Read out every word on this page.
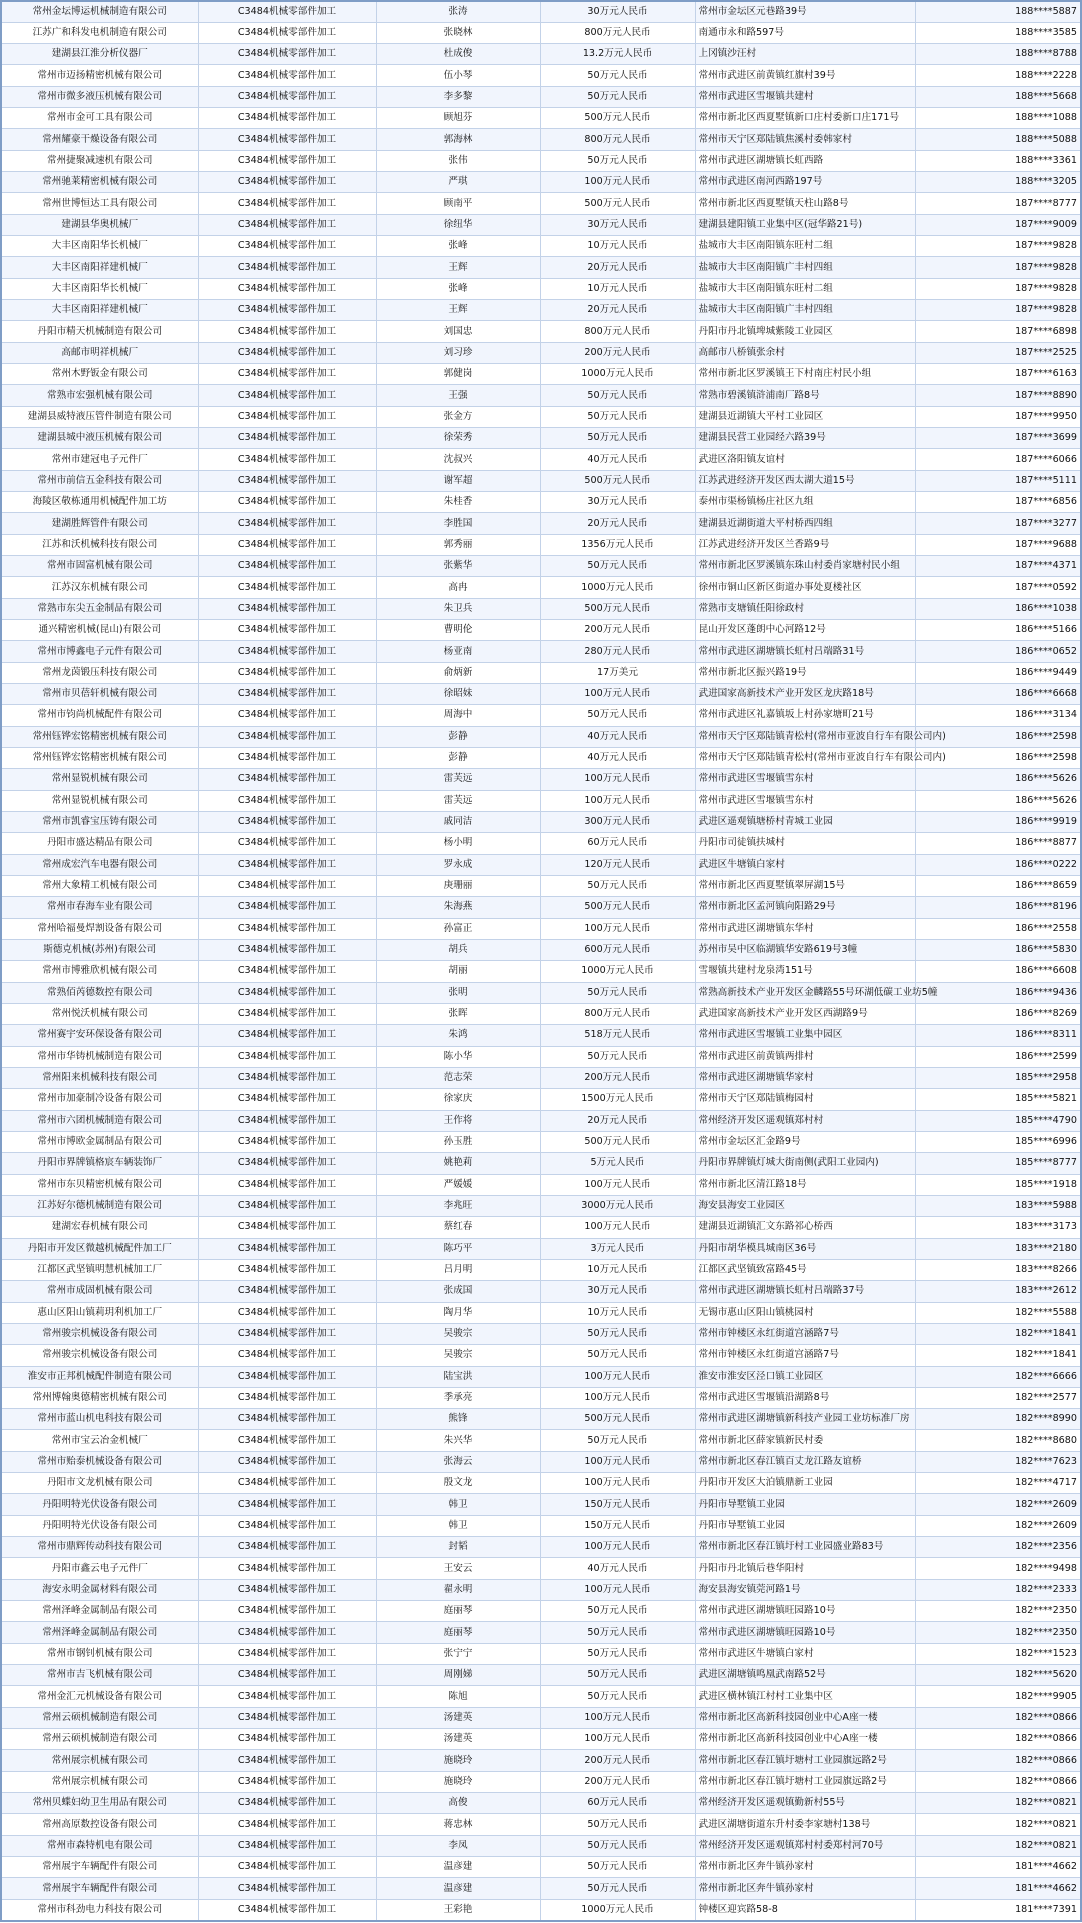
常州金坛博运机械制造有限公司	C3484机械零部件加工	张涛	30万元人民币	常州市金坛区元巷路39号	188****5887
江苏广和科发电机制造有限公司	C3484机械零部件加工	张晓林	800万元人民币	南通市永和路597号	188****3585
建湖县江淮分析仪器厂	C3484机械零部件加工	杜成俊	13.2万元人民币	上冈镇沙汪村	188****8788
常州市迈扬精密机械有限公司	C3484机械零部件加工	伍小琴	50万元人民币	常州市武进区前黄镇红旗村39号	188****2228
常州市微多液压机械有限公司	C3484机械零部件加工	李多黎	50万元人民币	常州市武进区雪堰镇共建村	188****5668
常州市金可工具有限公司	C3484机械零部件加工	顾旭芬	500万元人民币	常州市新北区西夏墅镇新口庄村委新口庄171号	188****1088
常州耀豪干燥设备有限公司	C3484机械零部件加工	郭海林	800万元人民币	常州市天宁区郑陆镇焦溪村委韩家村	188****5088
常州捷聚减速机有限公司	C3484机械零部件加工	张伟	50万元人民币	常州市武进区湖塘镇长虹西路	188****3361
常州驰莱精密机械有限公司	C3484机械零部件加工	严琪	100万元人民币	常州市武进区南河西路197号	188****3205
常州世博恒达工具有限公司	C3484机械零部件加工	顾南平	500万元人民币	常州市新北区西夏墅镇天柱山路8号	187****8777
建湖县华奥机械厂	C3484机械零部件加工	徐纽华	30万元人民币	建湖县建阳镇工业集中区(冠华路21号)	187****9009
大丰区南阳华长机械厂	C3484机械零部件加工	张峰	10万元人民币	盐城市大丰区南阳镇东旺村二组	187****9828
大丰区南阳祥建机械厂	C3484机械零部件加工	王辉	20万元人民币	盐城市大丰区南阳镇广丰村四组	187****9828
大丰区南阳华长机械厂	C3484机械零部件加工	张峰	10万元人民币	盐城市大丰区南阳镇东旺村二组	187****9828
大丰区南阳祥建机械厂	C3484机械零部件加工	王辉	20万元人民币	盐城市大丰区南阳镇广丰村四组	187****9828
丹阳市精天机械制造有限公司	C3484机械零部件加工	刘国忠	800万元人民币	丹阳市丹北镇埤城紫陵工业园区	187****6898
高邮市明祥机械厂	C3484机械零部件加工	刘习珍	200万元人民币	高邮市八桥镇张余村	187****2525
常州木野钣金有限公司	C3484机械零部件加工	郭健岗	1000万元人民币	常州市新北区罗溪镇王下村南庄村民小组	187****6163
常熟市宏强机械有限公司	C3484机械零部件加工	王强	50万元人民币	常熟市碧溪镇浒浦南厂路8号	187****8890
建湖县威特液压管件制造有限公司	C3484机械零部件加工	张金方	50万元人民币	建湖县近湖镇大平村工业园区	187****9950
建湖县城中液压机械有限公司	C3484机械零部件加工	徐荣秀	50万元人民币	建湖县民营工业园经六路39号	187****3699
常州市建冠电子元件厂	C3484机械零部件加工	沈叔兴	40万元人民币	武进区洛阳镇友谊村	187****6066
常州市前信五金科技有限公司	C3484机械零部件加工	谢军超	500万元人民币	江苏武进经济开发区西太湖大道15号	187****5111
海陵区敬栋通用机械配件加工坊	C3484机械零部件加工	朱桂香	30万元人民币	泰州市渠杨镇杨庄社区九组	187****6856
建湖胜辉管件有限公司	C3484机械零部件加工	李胜国	20万元人民币	建湖县近湖街道大平村桥西四组	187****3277
江苏和沃机械科技有限公司	C3484机械零部件加工	郭秀丽	1356万元人民币	江苏武进经济开发区兰香路9号	187****9688
常州市固富机械有限公司	C3484机械零部件加工	张紫华	50万元人民币	常州市新北区罗溪镇东珠山村委肖家塘村民小组	187****4371
江苏汉东机械有限公司	C3484机械零部件加工	高冉	1000万元人民币	徐州市铜山区新区街道办事处夏楼社区	187****0592
常熟市东尖五金制品有限公司	C3484机械零部件加工	朱卫兵	500万元人民币	常熟市支塘镇任阳徐政村	186****1038
通兴精密机械(昆山)有限公司	C3484机械零部件加工	曹明伦	200万元人民币	昆山开发区蓬朗中心河路12号	186****5166
常州市博鑫电子元件有限公司	C3484机械零部件加工	杨亚南	280万元人民币	常州市武进区湖塘镇长虹村吕端路31号	186****0652
常州龙茵锻压科技有限公司	C3484机械零部件加工	俞炳新	17万美元	常州市新北区振兴路19号	186****9449
常州市贝蓓轩机械有限公司	C3484机械零部件加工	徐昭妹	100万元人民币	武进国家高新技术产业开发区龙庆路18号	186****6668
常州市钧尚机械配件有限公司	C3484机械零部件加工	周海中	50万元人民币	常州市武进区礼嘉镇坂上村孙家塘町21号	186****3134
常州钰铧宏铭精密机械有限公司	C3484机械零部件加工	彭静	40万元人民币	常州市天宁区郑陆镇青松村(常州市亚波自行车有限公司内)	186****2598
常州钰铧宏铭精密机械有限公司	C3484机械零部件加工	彭静	40万元人民币	常州市天宁区郑陆镇青松村(常州市亚波自行车有限公司内)	186****2598
常州显锐机械有限公司	C3484机械零部件加工	雷芙远	100万元人民币	常州市武进区雪堰镇雪东村	186****5626
常州显锐机械有限公司	C3484机械零部件加工	雷芙远	100万元人民币	常州市武进区雪堰镇雪东村	186****5626
常州市凯睿宝压铸有限公司	C3484机械零部件加工	戚同洁	300万元人民币	武进区遥观镇塘桥村青城工业园	186****9919
丹阳市盛达精品有限公司	C3484机械零部件加工	杨小明	60万元人民币	丹阳市司徒镇扶城村	186****8877
常州成宏汽车电器有限公司	C3484机械零部件加工	罗永成	120万元人民币	武进区牛塘镇白家村	186****0222
常州大象精工机械有限公司	C3484机械零部件加工	庚珊丽	50万元人民币	常州市新北区西夏墅镇翠屏湖15号	186****8659
常州市春海车业有限公司	C3484机械零部件加工	朱海燕	500万元人民币	常州市新北区孟河镇向阳路29号	186****8196
常州哈福曼焊割设备有限公司	C3484机械零部件加工	孙富正	100万元人民币	常州市武进区湖塘镇东华村	186****2558
斯德克机械(苏州)有限公司	C3484机械零部件加工	胡兵	600万元人民币	苏州市吴中区临湖镇华安路619号3幢	186****5830
常州市博雅欣机械有限公司	C3484机械零部件加工	胡丽	1000万元人民币	雪堰镇共建村龙泉湾151号	186****6608
常熟佰芮德数控有限公司	C3484机械零部件加工	张明	50万元人民币	常熟高新技术产业开发区金麟路55号环湖低碳工业坊5幢	186****9436
常州悦沃机械有限公司	C3484机械零部件加工	张晖	800万元人民币	武进国家高新技术产业开发区西湖路9号	186****8269
常州赛宇安环保设备有限公司	C3484机械零部件加工	朱鸿	518万元人民币	常州市武进区雪堰镇工业集中园区	186****8311
常州市华铸机械制造有限公司	C3484机械零部件加工	陈小华	50万元人民币	常州市武进区前黄镇两排村	186****2599
常州阳来机械科技有限公司	C3484机械零部件加工	范志荣	200万元人民币	常州市武进区湖塘镇华家村	185****2958
常州市加豪制冷设备有限公司	C3484机械零部件加工	徐家庆	1500万元人民币	常州市天宁区郑陆镇梅园村	185****5821
常州市六团机械制造有限公司	C3484机械零部件加工	王作将	20万元人民币	常州经济开发区遥观镇郑村村	185****4790
常州市博欧金属制品有限公司	C3484机械零部件加工	孙玉胜	500万元人民币	常州市金坛区汇金路9号	185****6996
丹阳市界牌镇格宸车辆装饰厂	C3484机械零部件加工	姚艳莉	5万元人民币	丹阳市界牌镇灯城大街南侧(武阳工业园内)	185****8777
常州市东贝精密机械有限公司	C3484机械零部件加工	严媛媛	100万元人民币	常州市新北区清江路18号	185****1918
江苏好尔德机械制造有限公司	C3484机械零部件加工	李兆旺	3000万元人民币	海安县海安工业园区	183****5988
建湖宏春机械有限公司	C3484机械零部件加工	蔡红春	100万元人民币	建湖县近湖镇汇文东路祁心桥西	183****3173
丹阳市开发区微越机械配件加工厂	C3484机械零部件加工	陈巧平	3万元人民币	丹阳市胡华模具城南区36号	183****2180
江都区武坚镇明慧机械加工厂	C3484机械零部件加工	吕月明	10万元人民币	江都区武坚镇致富路45号	183****8266
常州市成固机械有限公司	C3484机械零部件加工	张成国	30万元人民币	常州市武进区湖塘镇长虹村吕端路37号	183****2612
惠山区阳山镇莉玥利机加工厂	C3484机械零部件加工	陶月华	10万元人民币	无锡市惠山区阳山镇桃园村	182****5588
常州骏宗机械设备有限公司	C3484机械零部件加工	吴骏宗	50万元人民币	常州市钟楼区永红街道宫涵路7号	182****1841
常州骏宗机械设备有限公司	C3484机械零部件加工	吴骏宗	50万元人民币	常州市钟楼区永红街道宫涵路7号	182****1841
淮安市正邦机械配件制造有限公司	C3484机械零部件加工	陆宝洪	100万元人民币	淮安市淮安区泾口镇工业园区	182****6666
常州博翰奥德精密机械有限公司	C3484机械零部件加工	季承亮	100万元人民币	常州市武进区雪堰镇沿湖路8号	182****2577
常州市蓝山机电科技有限公司	C3484机械零部件加工	熊锋	500万元人民币	常州市武进区湖塘镇新科技产业园工业坊标准厂房	182****8990
常州市宝云冶金机械厂	C3484机械零部件加工	朱兴华	50万元人民币	常州市新北区薛家镇新民村委	182****8680
常州市贻泰机械设备有限公司	C3484机械零部件加工	张海云	100万元人民币	常州市新北区春江镇百丈龙江路友谊桥	182****7623
丹阳市文龙机械有限公司	C3484机械零部件加工	殷文龙	100万元人民币	丹阳市开发区大泊镇鼎新工业园	182****4717
丹阳明特光伏设备有限公司	C3484机械零部件加工	韩卫	150万元人民币	丹阳市导墅镇工业园	182****2609
丹阳明特光伏设备有限公司	C3484机械零部件加工	韩卫	150万元人民币	丹阳市导墅镇工业园	182****2609
常州市鼎辉传动科技有限公司	C3484机械零部件加工	封韬	100万元人民币	常州市新北区春江镇圩村工业园盛业路83号	182****2356
丹阳市鑫云电子元件厂	C3484机械零部件加工	王安云	40万元人民币	丹阳市丹北镇后巷华阳村	182****9498
海安永明金属材料有限公司	C3484机械零部件加工	翟永明	100万元人民币	海安县海安镇莞河路1号	182****2333
常州泽峰金属制品有限公司	C3484机械零部件加工	庭丽琴	50万元人民币	常州市武进区湖塘镇旺园路10号	182****2350
常州泽峰金属制品有限公司	C3484机械零部件加工	庭丽琴	50万元人民币	常州市武进区湖塘镇旺园路10号	182****2350
常州市钢钊机械有限公司	C3484机械零部件加工	张宁宁	50万元人民币	常州市武进区牛塘镇白家村	182****1523
常州市吉飞机械有限公司	C3484机械零部件加工	周刚娣	50万元人民币	武进区湖塘镇鸣凰武南路52号	182****5620
常州金汇元机械设备有限公司	C3484机械零部件加工	陈旭	50万元人民币	武进区横林镇江村村工业集中区	182****9905
常州云硕机械制造有限公司	C3484机械零部件加工	汤建英	100万元人民币	常州市新北区高新科技园创业中心A座一楼	182****0866
常州云硕机械制造有限公司	C3484机械零部件加工	汤建英	100万元人民币	常州市新北区高新科技园创业中心A座一楼	182****0866
常州展宗机械有限公司	C3484机械零部件加工	施晓玲	200万元人民币	常州市新北区春江镇圩塘村工业园旗远路2号	182****0866
常州展宗机械有限公司	C3484机械零部件加工	施晓玲	200万元人民币	常州市新北区春江镇圩塘村工业园旗远路2号	182****0866
常州贝蝶妇幼卫生用品有限公司	C3484机械零部件加工	高俊	60万元人民币	常州经济开发区遥观镇勤新村55号	182****0821
常州高原数控设备有限公司	C3484机械零部件加工	蒋忠林	50万元人民币	武进区湖塘街道东升村委李家塘村138号	182****0821
常州市森特机电有限公司	C3484机械零部件加工	李凤	50万元人民币	常州经济开发区遥观镇郑村村委郑村河70号	182****0821
常州展宇车辆配件有限公司	C3484机械零部件加工	温彦建	50万元人民币	常州市新北区奔牛镇孙家村	181****4662
常州展宇车辆配件有限公司	C3484机械零部件加工	温彦建	50万元人民币	常州市新北区奔牛镇孙家村	181****4662
常州市科劲电力科技有限公司	C3484机械零部件加工	王彩艳	1000万元人民币	钟楼区迎宾路58-8	181****7391
